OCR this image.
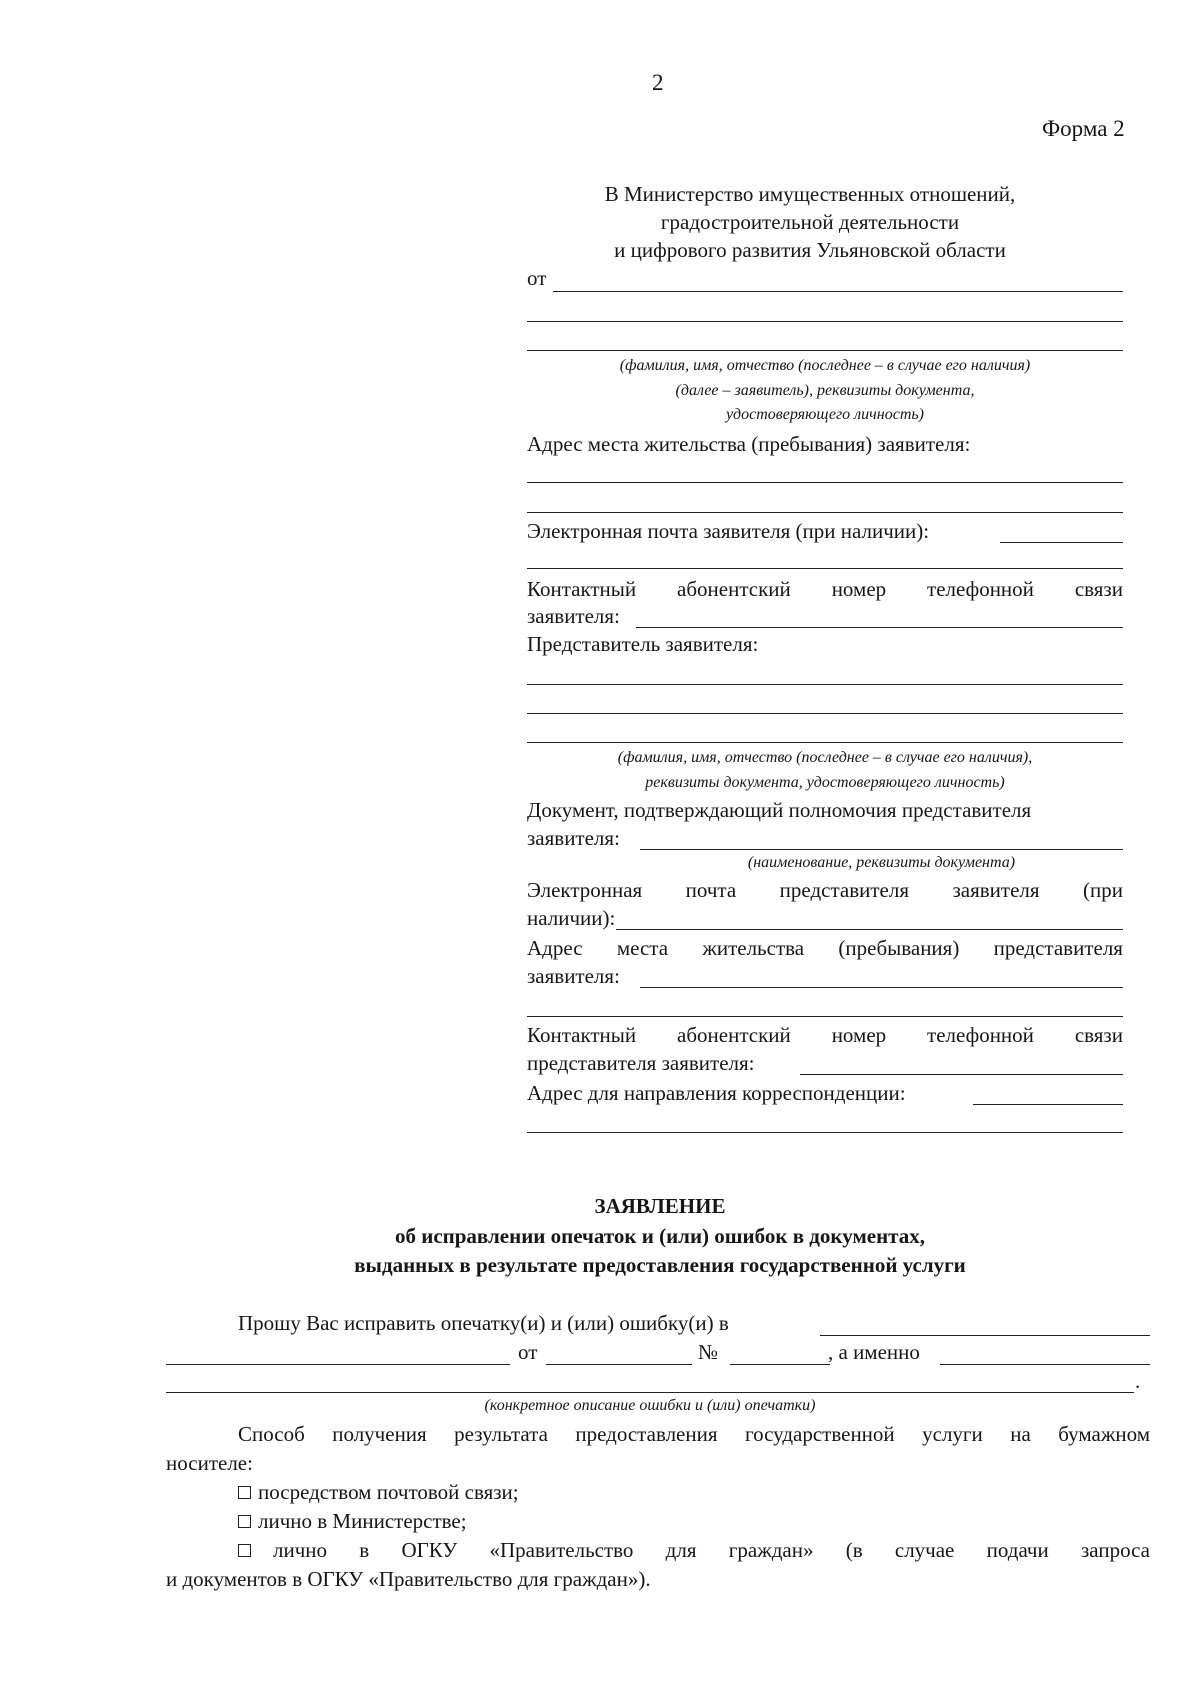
2
Форма 2
В Министерство имущественных отношений,
градостроительной деятельности
и цифрового развития Ульяновской области
от
(фамилия, имя, отчество (последнее – в случае его наличия)
(далее – заявитель), реквизиты документа,
удостоверяющего личность)
Адрес места жительства (пребывания) заявителя:
Электронная почта заявителя (при наличии):
Контактный абонентский номер телефонной связи
заявителя:
Представитель заявителя:
(фамилия, имя, отчество (последнее – в случае его наличия),
реквизиты документа, удостоверяющего личность)
Документ, подтверждающий полномочия представителя
заявителя:
(наименование, реквизиты документа)
Электронная почта представителя заявителя (при
наличии):
Адрес места жительства (пребывания) представителя
заявителя:
Контактный абонентский номер телефонной связи
представителя заявителя:
Адрес для направления корреспонденции:
ЗАЯВЛЕНИЕ
об исправлении опечаток и (или) ошибок в документах,
выданных в результате предоставления государственной услуги
Прошу Вас исправить опечатку(и) и (или) ошибку(и) в
от	№	, а именно
.
(конкретное описание ошибки и (или) опечатки)
Способ получения результата предоставления государственной услуги на бумажном
носителе:
посредством почтовой связи;
лично в Министерстве;
лично в ОГКУ «Правительство для граждан» (в случае подачи запроса
и документов в ОГКУ «Правительство для граждан»).
